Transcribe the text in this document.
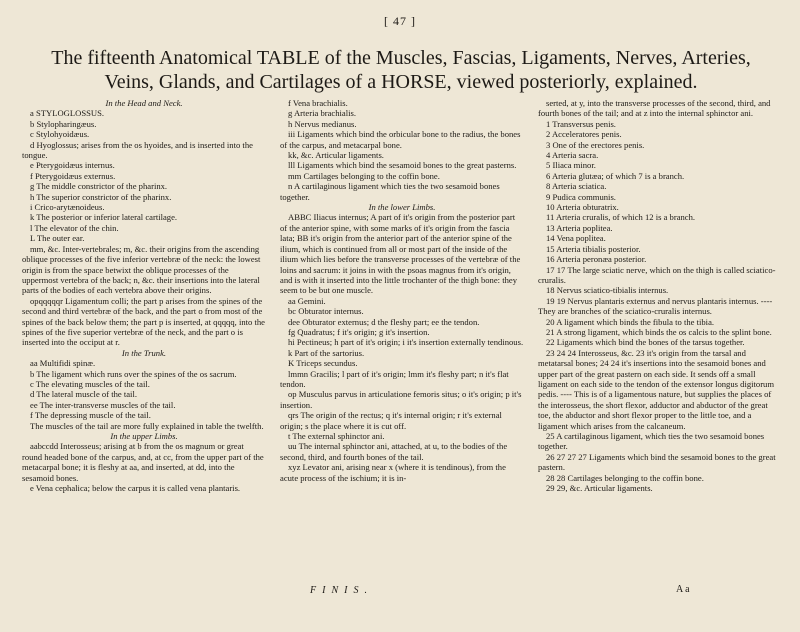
[ 47 ]
The fifteenth Anatomical TABLE of the Muscles, Fascias, Ligaments, Nerves, Arteries, Veins, Glands, and Cartilages of a HORSE, viewed posteriorly, explained.

In the Head and Neck.

a STYLOGLOSSUS.

b Stylopharingæus.

c Stylohyoidæus.

d Hyoglossus; arises from the os hyoides, and is inserted into the tongue.

e Pterygoidæus internus.

f Pterygoidæus externus.

g The middle constrictor of the pharinx.

h The superior constrictor of the pharinx.

i Crico-arytænoideus.

k The posterior or inferior lateral cartilage.

l The elevator of the chin.

L The outer ear.

mm, &c. Inter-vertebrales; m, &c. their origins from the ascending oblique processes of the five inferior vertebræ of the neck: the lowest origin is from the space betwixt the oblique processes of the uppermost vertebra of the back; n, &c. their insertions into the lateral parts of the bodies of each vertebra above their origins.

opqqqqqr Ligamentum colli; the part p arises from the spines of the second and third vertebræ of the back, and the part o from most of the spines of the back below them; the part p is inserted, at qqqqq, into the spines of the five superior vertebræ of the neck, and the part o is inserted into the occiput at r.

In the Trunk.

aa Multifidi spinæ.

b The ligament which runs over the spines of the os sacrum.

c The elevating muscles of the tail.

d The lateral muscle of the tail.

ee The inter-transverse muscles of the tail.

f The depressing muscle of the tail.

The muscles of the tail are more fully explained in table the twelfth.

In the upper Limbs.

aabccdd Interosseus; arising at b from the os magnum or great round headed bone of the carpus, and, at cc, from the upper part of the metacarpal bone; it is fleshy at aa, and inserted, at dd, into the sesamoid bones.

e Vena cephalica; below the carpus it is called vena plantaris.

f Vena brachialis.

g Arteria brachialis.

h Nervus medianus.

iii Ligaments which bind the orbicular bone to the radius, the bones of the carpus, and metacarpal bone.

kk, &c. Articular ligaments.

lll Ligaments which bind the sesamoid bones to the great pasterns.

mm Cartilages belonging to the coffin bone.

n A cartilaginous ligament which ties the two sesamoid bones together.

In the lower Limbs.

ABBC Iliacus internus; A part of it's origin from the posterior part of the anterior spine, with some marks of it's origin from the fascia lata; BB it's origin from the anterior part of the anterior spine of the ilium, which is continued from all or most part of the inside of the ilium which lies before the transverse processes of the vertebræ of the loins and sacrum: it joins in with the psoas magnus from it's origin, and is with it inserted into the little trochanter of the thigh bone: they seem to be but one muscle.

aa Gemini.

bc Obturator internus.

dee Obturator externus; d the fleshy part; ee the tendon.

fg Quadratus; f it's origin; g it's insertion.

hi Pectineus; h part of it's origin; i it's insertion externally tendinous.

k Part of the sartorius.

K Triceps secundus.

lmmn Gracilis; l part of it's origin; lmm it's fleshy part; n it's flat tendon.

op Musculus parvus in articulatione femoris situs; o it's origin; p it's insertion.

qrs The origin of the rectus; q it's internal origin; r it's external origin; s the place where it is cut off.

t The external sphinctor ani.

uu The internal sphinctor ani, attached, at u, to the bodies of the second, third, and fourth bones of the tail.

xyz Levator ani, arising near x (where it is tendinous), from the acute process of the ischium; it is in-

serted, at y, into the transverse processes of the second, third, and fourth bones of the tail; and at z into the internal sphinctor ani.

1 Transversus penis.

2 Acceleratores penis.

3 One of the erectores penis.

4 Arteria sacra.

5 Iliaca minor.

6 Arteria glutæa; of which 7 is a branch.

8 Arteria sciatica.

9 Pudica communis.

10 Arteria obturatrix.

11 Arteria cruralis, of which 12 is a branch.

13 Arteria poplitea.

14 Vena poplitea.

15 Arteria tibialis posterior.

16 Arteria peronæa posterior.

17 17 The large sciatic nerve, which on the thigh is called sciatico-cruralis.

18 Nervus sciatico-tibialis internus.

19 19 Nervus plantaris externus and nervus plantaris internus. ---- They are branches of the sciatico-cruralis internus.

20 A ligament which binds the fibula to the tibia.

21 A strong ligament, which binds the os calcis to the splint bone.

22 Ligaments which bind the bones of the tarsus together.

23 24 24 Interosseus, &c. 23 it's origin from the tarsal and metatarsal bones; 24 24 it's insertions into the sesamoid bones and upper part of the great pastern on each side. It sends off a small ligament on each side to the tendon of the extensor longus digitorum pedis. ---- This is of a ligamentous nature, but supplies the places of the interosseus, the short flexor, adductor and abductor of the great toe, the abductor and short flexor proper to the little toe, and a ligament which arises from the calcaneum.

25 A cartilaginous ligament, which ties the two sesamoid bones together.

26 27 27 27 Ligaments which bind the sesamoid bones to the great pastern.

28 28 Cartilages belonging to the coffin bone.

29 29, &c. Articular ligaments.

FINIS.	A a
